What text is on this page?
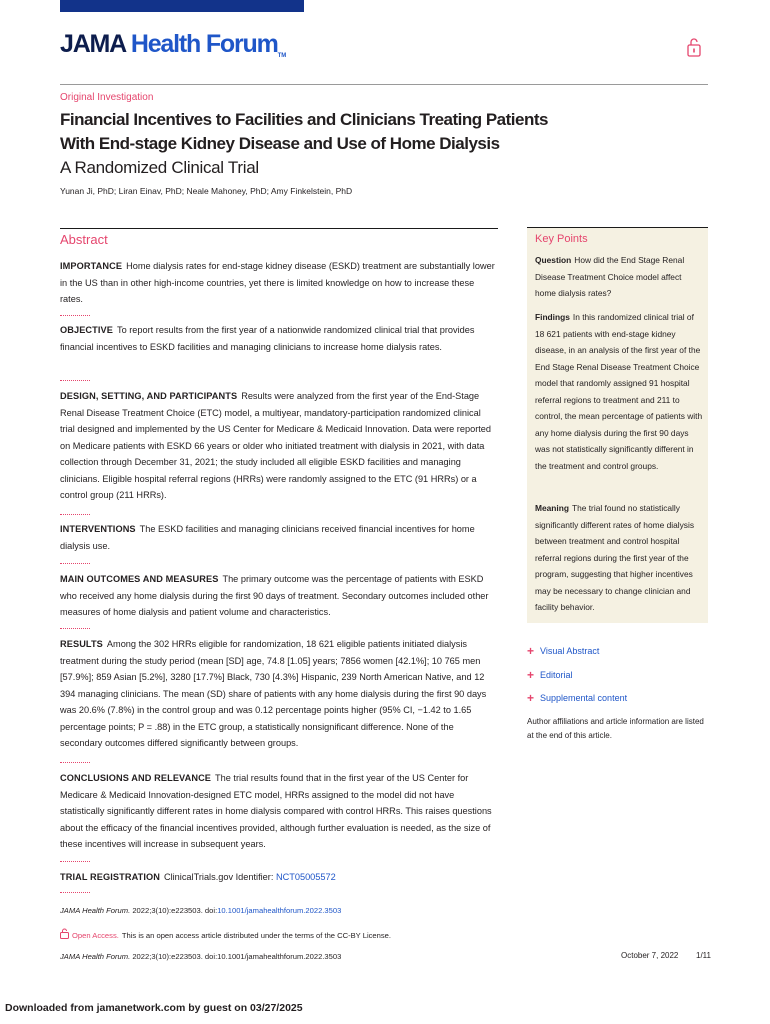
JAMA Health ForumTM
Original Investigation
Financial Incentives to Facilities and Clinicians Treating Patients
With End-stage Kidney Disease and Use of Home Dialysis
A Randomized Clinical Trial
Yunan Ji, PhD; Liran Einav, PhD; Neale Mahoney, PhD; Amy Finkelstein, PhD
Abstract
IMPORTANCE Home dialysis rates for end-stage kidney disease (ESKD) treatment are substantially lower in the US than in other high-income countries, yet there is limited knowledge on how to increase these rates.
OBJECTIVE To report results from the first year of a nationwide randomized clinical trial that provides financial incentives to ESKD facilities and managing clinicians to increase home dialysis rates.
DESIGN, SETTING, AND PARTICIPANTS Results were analyzed from the first year of the End-Stage Renal Disease Treatment Choice (ETC) model, a multiyear, mandatory-participation randomized clinical trial designed and implemented by the US Center for Medicare & Medicaid Innovation. Data were reported on Medicare patients with ESKD 66 years or older who initiated treatment with dialysis in 2021, with data collection through December 31, 2021; the study included all eligible ESKD facilities and managing clinicians. Eligible hospital referral regions (HRRs) were randomly assigned to the ETC (91 HRRs) or a control group (211 HRRs).
INTERVENTIONS The ESKD facilities and managing clinicians received financial incentives for home dialysis use.
MAIN OUTCOMES AND MEASURES The primary outcome was the percentage of patients with ESKD who received any home dialysis during the first 90 days of treatment. Secondary outcomes included other measures of home dialysis and patient volume and characteristics.
RESULTS Among the 302 HRRs eligible for randomization, 18 621 eligible patients initiated dialysis treatment during the study period (mean [SD] age, 74.8 [1.05] years; 7856 women [42.1%]; 10 765 men [57.9%]; 859 Asian [5.2%], 3280 [17.7%] Black, 730 [4.3%] Hispanic, 239 North American Native, and 12 394 managing clinicians. The mean (SD) share of patients with any home dialysis during the first 90 days was 20.6% (7.8%) in the control group and was 0.12 percentage points higher (95% CI, −1.42 to 1.65 percentage points; P = .88) in the ETC group, a statistically nonsignificant difference. None of the secondary outcomes differed significantly between groups.
CONCLUSIONS AND RELEVANCE The trial results found that in the first year of the US Center for Medicare & Medicaid Innovation-designed ETC model, HRRs assigned to the model did not have statistically significantly different rates in home dialysis compared with control HRRs. This raises questions about the efficacy of the financial incentives provided, although further evaluation is needed, as the size of these incentives will increase in subsequent years.
TRIAL REGISTRATION ClinicalTrials.gov Identifier: NCT05005572
JAMA Health Forum. 2022;3(10):e223503. doi:10.1001/jamahealthforum.2022.3503
Open Access. This is an open access article distributed under the terms of the CC-BY License.
Key Points
Question How did the End Stage Renal Disease Treatment Choice model affect home dialysis rates?
Findings In this randomized clinical trial of 18 621 patients with end-stage kidney disease, in an analysis of the first year of the End Stage Renal Disease Treatment Choice model that randomly assigned 91 hospital referral regions to treatment and 211 to control, the mean percentage of patients with any home dialysis during the first 90 days was not statistically significantly different in the treatment and control groups.
Meaning The trial found no statistically significantly different rates of home dialysis between treatment and control hospital referral regions during the first year of the program, suggesting that higher incentives may be necessary to change clinician and facility behavior.
+ Visual Abstract
+ Editorial
+ Supplemental content
Author affiliations and article information are listed at the end of this article.
JAMA Health Forum. 2022;3(10):e223503. doi:10.1001/jamahealthforum.2022.3503	October 7, 2022 1/11
Downloaded from jamanetwork.com by guest on 03/27/2025
